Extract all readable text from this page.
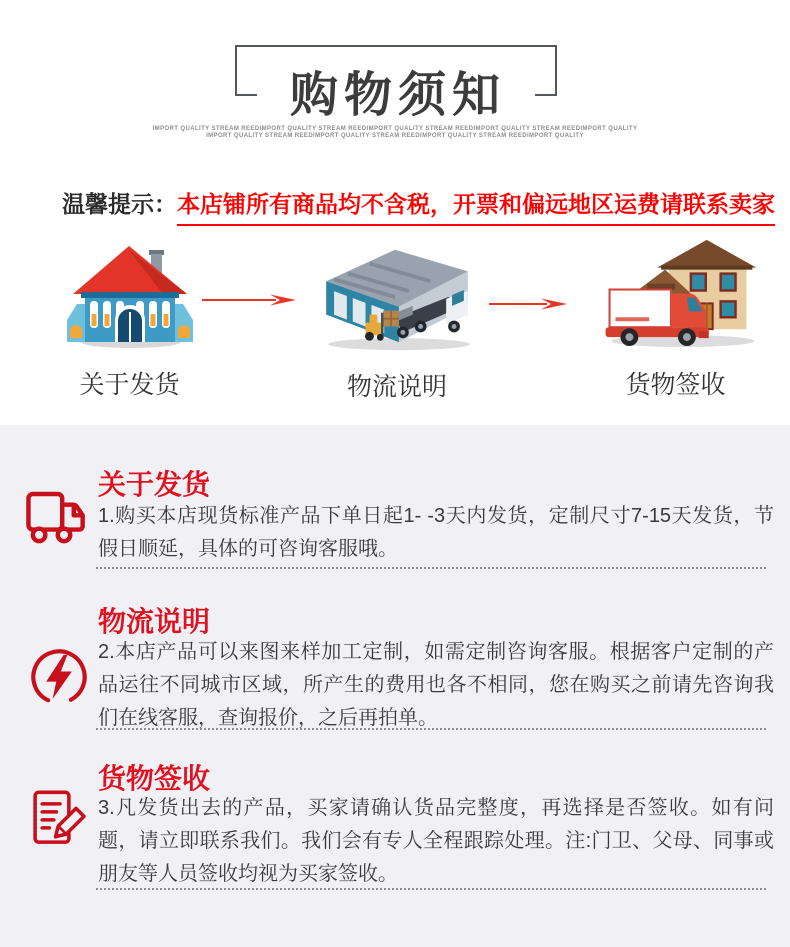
购物须知
IMPORT QUALITY STREAM REEDIMPORT QUALITY STREAM REEDIMPORT QUALITY STREAM REEDIMPORT QUALITY STREAM REEDIMPORT QUALITY
IMPORT QUALITY STREAM REEDIMPORT QUALITY STREAM REEDIMPORT QUALITY STREAM REEDIMPORT QUALITY
温馨提示：本店铺所有商品均不含税，开票和偏远地区运费请联系卖家
关于发货	物流说明	货物签收
关于发货
1.购买本店现货标准产品下单日起1- -3天内发货，定制尺寸7-15天发货，节假日顺延，具体的可咨询客服哦。
物流说明
2.本店产品可以来图来样加工定制，如需定制咨询客服。根据客户定制的产品运往不同城市区域，所产生的费用也各不相同，您在购买之前请先咨询我们在线客服，查询报价，之后再拍单。
货物签收
3.凡发货出去的产品，买家请确认货品完整度，再选择是否签收。如有问题，请立即联系我们。我们会有专人全程跟踪处理。注:门卫、父母、同事或朋友等人员签收均视为买家签收。
